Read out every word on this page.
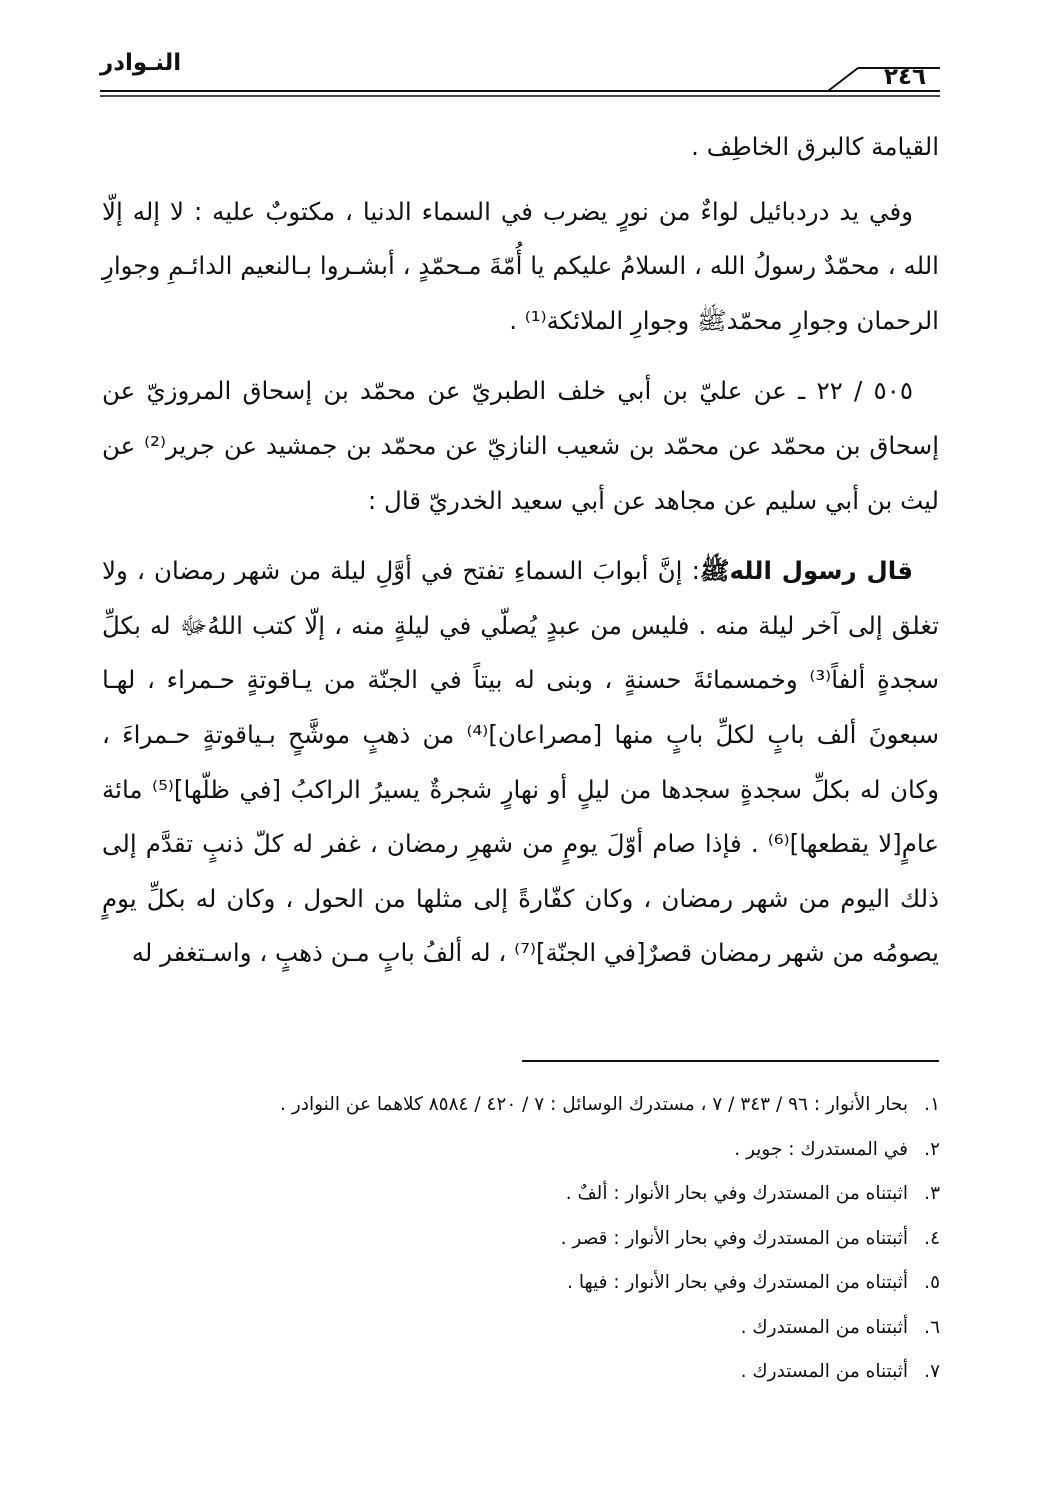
٢٤٦
النـوادر

القيامة كالبرق الخاطِف .

وفي يد دردبائيل لواءٌ من نورٍ يضرب في السماء الدنيا ، مكتوبٌ عليه : لا إله إلّا الله ، محمّدٌ رسولُ الله ، السلامُ عليكم يا أُمّةَ مـحمّدٍ ، أبشـروا بـالنعيم الدائـمِ وجوارِ الرحمان وجوارِ محمّدﷺ وجوارِ الملائكة⁽¹⁾ .

٥٠٥ / ٢٢ ـ عن عليّ بن أبي خلف الطبريّ عن محمّد بن إسحاق المروزيّ عن إسحاق بن محمّد عن محمّد بن شعيب النازيّ عن محمّد بن جمشيد عن جرير⁽²⁾ عن ليث بن أبي سليم عن مجاهد عن أبي سعيد الخدريّ قال :

قال رسول اللهﷺ: إنَّ أبوابَ السماءِ تفتح في أوَّلِ ليلة من شهر رمضان ، ولا تغلق إلى آخر ليلة منه . فليس من عبدٍ يُصلّي في ليلةٍ منه ، إلّا كتب اللهُﷻ له بكلِّ سجدةٍ ألفاً⁽³⁾ وخمسمائةَ حسنةٍ ، وبنى له بيتاً في الجنّة من يـاقوتةٍ حـمراء ، لهـا سبعونَ ألف بابٍ لكلِّ بابٍ منها [مصراعان]⁽⁴⁾ من ذهبٍ موشَّحٍ بـياقوتةٍ حـمراءَ ، وكان له بكلِّ سجدةٍ سجدها من ليلٍ أو نهارٍ شجرةٌ يسيرُ الراكبُ [في ظلّها]⁽⁵⁾ مائة عامٍ[لا يقطعها]⁽⁶⁾ . فإذا صام أوّلَ يومٍ من شهرِ رمضان ، غفر له كلّ ذنبٍ تقدَّم إلى ذلك اليوم من شهر رمضان ، وكان كفّارةً إلى مثلها من الحول ، وكان له بكلِّ يومٍ يصومُه من شهر رمضان قصرٌ[في الجنّة]⁽⁷⁾ ، له ألفُ بابٍ مـن ذهبٍ ، واسـتغفر له

١.بحار الأنوار : ٩٦ / ٣٤٣ / ٧ ، مستدرك الوسائل : ٧ / ٤٢٠ / ٨٥٨٤ كلاهما عن النوادر .

٢.في المستدرك : جوير .

٣.اثبتناه من المستدرك وفي بحار الأنوار : ألفٌ .

٤.أثبتناه من المستدرك وفي بحار الأنوار : قصر .

٥.أثبتناه من المستدرك وفي بحار الأنوار : فيها .

٦.أثبتناه من المستدرك .

٧.أثبتناه من المستدرك .
